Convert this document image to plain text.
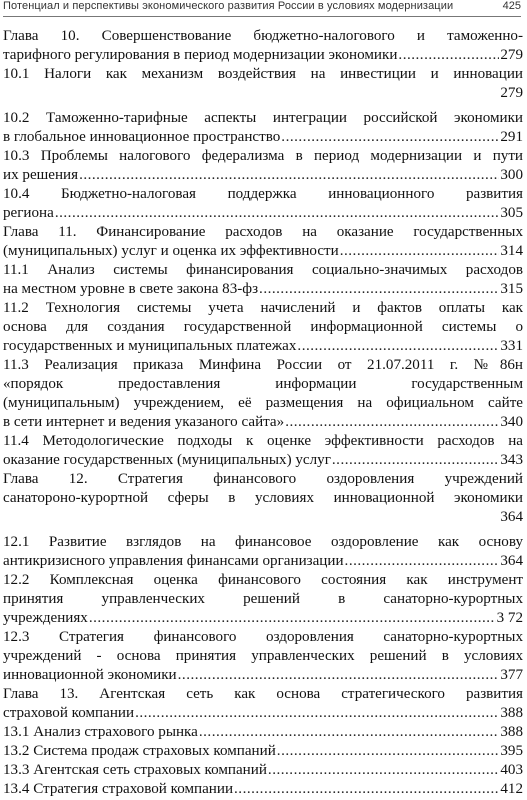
Потенциал и перспективы экономического развития России в условиях модернизации	425
Глава 10. Совершенствование бюджетно-налогового и таможенно-
тарифного регулирования в период модернизации экономики .....	279
10.1 Налоги как механизм воздействия на инвестиции и инновации
279
10.2 Таможенно-тарифные аспекты интеграции российской экономики
в глобальное инновационное пространство .....	291
10.3 Проблемы налогового федерализма в период модернизации и пути
их решения .....	300
10.4 Бюджетно-налоговая поддержка инновационного развития
региона .....	305
Глава 11. Финансирование расходов на оказание государственных
(муниципальных) услуг и оценка их эффективности .....	314
11.1 Анализ системы финансирования социально-значимых расходов
на местном уровне в свете закона 83-фз .....	315
11.2 Технология системы учета начислений и фактов оплаты как
основа для создания государственной информационной системы о
государственных и муниципальных платежах .....	331
11.3 Реализация приказа Минфина России от 21.07.2011 г. №86н
«порядок предоставления информации государственным
(муниципальным) учреждением, её размещения на официальном сайте
в сети интернет и ведения указаного сайта» .....	340
11.4 Методологические подходы к оценке эффективности расходов на
оказание государственных (муниципальных) услуг .....	343
Глава 12. Стратегия финансового оздоровления учреждений
санатороно-курортной сферы в условиях инновационной экономики
364
12.1 Развитие взглядов на финансовое оздоровление как основу
антикризисного управления финансами организации .....	364
12.2 Комплексная оценка финансового состояния как инструмент
принятия управленческих решений в санаторно-курортных
учреждениях .....	3 72
12.3 Стратегия финансового оздоровления санаторно-курортных
учреждений - основа принятия управленческих решений в условиях
инновационной экономики .....	377
Глава 13. Агентская сеть как основа стратегического развития
страховой компании .....	388
13.1 Анализ страхового рынка .....	388
13.2 Система продаж страховых компаний .....	395
13.3 Агентская сеть страховых компаний .....	403
13.4 Стратегия страховой компании .....	412
